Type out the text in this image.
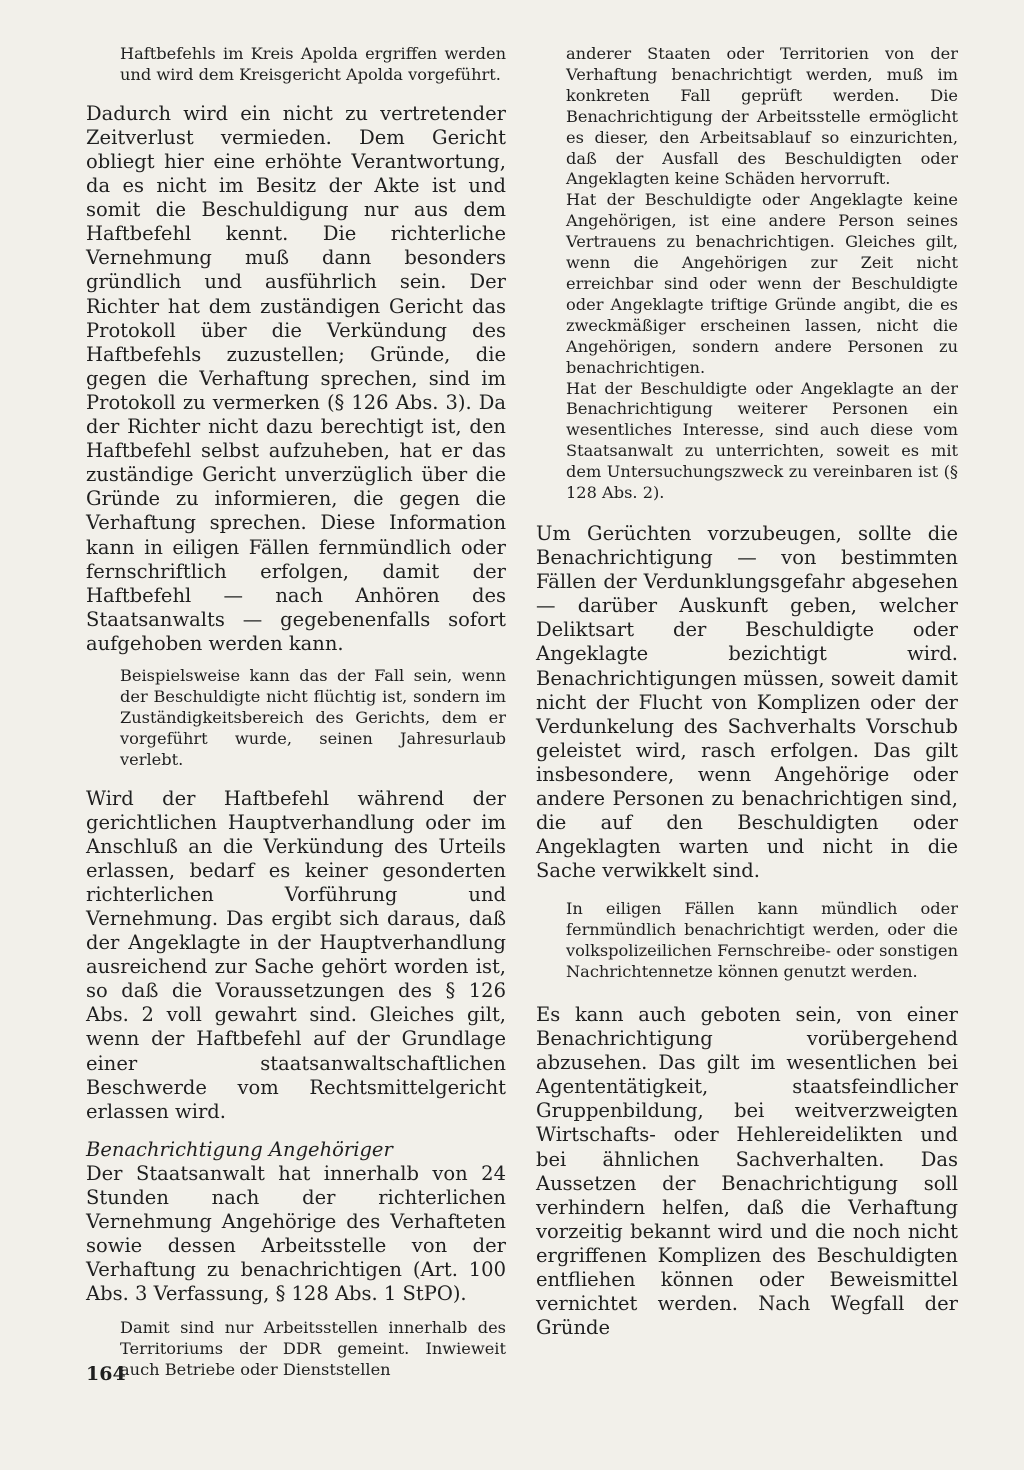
Haftbefehls im Kreis Apolda ergriffen werden und wird dem Kreisgericht Apolda vorgeführt.

Dadurch wird ein nicht zu vertretender Zeitverlust vermieden. Dem Gericht obliegt hier eine erhöhte Verantwortung, da es nicht im Besitz der Akte ist und somit die Beschuldigung nur aus dem Haftbefehl kennt. Die richterliche Vernehmung muß dann besonders gründlich und ausführlich sein. Der Richter hat dem zuständigen Gericht das Protokoll über die Verkündung des Haftbefehls zuzustellen; Gründe, die gegen die Verhaftung sprechen, sind im Protokoll zu vermerken (§ 126 Abs. 3). Da der Richter nicht dazu berechtigt ist, den Haftbefehl selbst aufzuheben, hat er das zuständige Gericht unverzüglich über die Gründe zu informieren, die gegen die Verhaftung sprechen. Diese Information kann in eiligen Fällen fernmündlich oder fernschriftlich erfolgen, damit der Haftbefehl — nach Anhören des Staatsanwalts — gegebenenfalls sofort aufgehoben werden kann.

Beispielsweise kann das der Fall sein, wenn der Beschuldigte nicht flüchtig ist, sondern im Zuständigkeitsbereich des Gerichts, dem er vorgeführt wurde, seinen Jahresurlaub verlebt.

Wird der Haftbefehl während der gerichtlichen Hauptverhandlung oder im Anschluß an die Verkündung des Urteils erlassen, bedarf es keiner gesonderten richterlichen Vorführung und Vernehmung. Das ergibt sich daraus, daß der Angeklagte in der Hauptverhandlung ausreichend zur Sache gehört worden ist, so daß die Voraussetzungen des § 126 Abs. 2 voll gewahrt sind. Gleiches gilt, wenn der Haftbefehl auf der Grundlage einer staatsanwaltschaftlichen Beschwerde vom Rechtsmittelgericht erlassen wird.

Benachrichtigung Angehöriger

Der Staatsanwalt hat innerhalb von 24 Stunden nach der richterlichen Vernehmung Angehörige des Verhafteten sowie dessen Arbeitsstelle von der Verhaftung zu benachrichtigen (Art. 100 Abs. 3 Verfassung, § 128 Abs. 1 StPO).

Damit sind nur Arbeitsstellen innerhalb des Territoriums der DDR gemeint. Inwieweit auch Betriebe oder Dienststellen

anderer Staaten oder Territorien von der Verhaftung benachrichtigt werden, muß im konkreten Fall geprüft werden. Die Benachrichtigung der Arbeitsstelle ermöglicht es dieser, den Arbeitsablauf so einzurichten, daß der Ausfall des Beschuldigten oder Angeklagten keine Schäden hervorruft.

Hat der Beschuldigte oder Angeklagte keine Angehörigen, ist eine andere Person seines Vertrauens zu benachrichtigen. Gleiches gilt, wenn die Angehörigen zur Zeit nicht erreichbar sind oder wenn der Beschuldigte oder Angeklagte triftige Gründe angibt, die es zweckmäßiger erscheinen lassen, nicht die Angehörigen, sondern andere Personen zu benachrichtigen.

Hat der Beschuldigte oder Angeklagte an der Benachrichtigung weiterer Personen ein wesentliches Interesse, sind auch diese vom Staatsanwalt zu unterrichten, soweit es mit dem Untersuchungszweck zu vereinbaren ist (§ 128 Abs. 2).

Um Gerüchten vorzubeugen, sollte die Benachrichtigung — von bestimmten Fällen der Verdunklungsgefahr abgesehen — darüber Auskunft geben, welcher Deliktsart der Beschuldigte oder Angeklagte bezichtigt wird. Benachrichtigungen müssen, soweit damit nicht der Flucht von Komplizen oder der Verdunkelung des Sachverhalts Vorschub geleistet wird, rasch erfolgen. Das gilt insbesondere, wenn Angehörige oder andere Personen zu benachrichtigen sind, die auf den Beschuldigten oder Angeklagten warten und nicht in die Sache verwikkelt sind.

In eiligen Fällen kann mündlich oder fernmündlich benachrichtigt werden, oder die volkspolizeilichen Fernschreibe- oder sonstigen Nachrichtennetze können genutzt werden.

Es kann auch geboten sein, von einer Benachrichtigung vorübergehend abzusehen. Das gilt im wesentlichen bei Agententätigkeit, staatsfeindlicher Gruppenbildung, bei weitverzweigten Wirtschafts- oder Hehlereidelikten und bei ähnlichen Sachverhalten. Das Aussetzen der Benachrichtigung soll verhindern helfen, daß die Verhaftung vorzeitig bekannt wird und die noch nicht ergriffenen Komplizen des Beschuldigten entfliehen können oder Beweismittel vernichtet werden. Nach Wegfall der Gründe

164
